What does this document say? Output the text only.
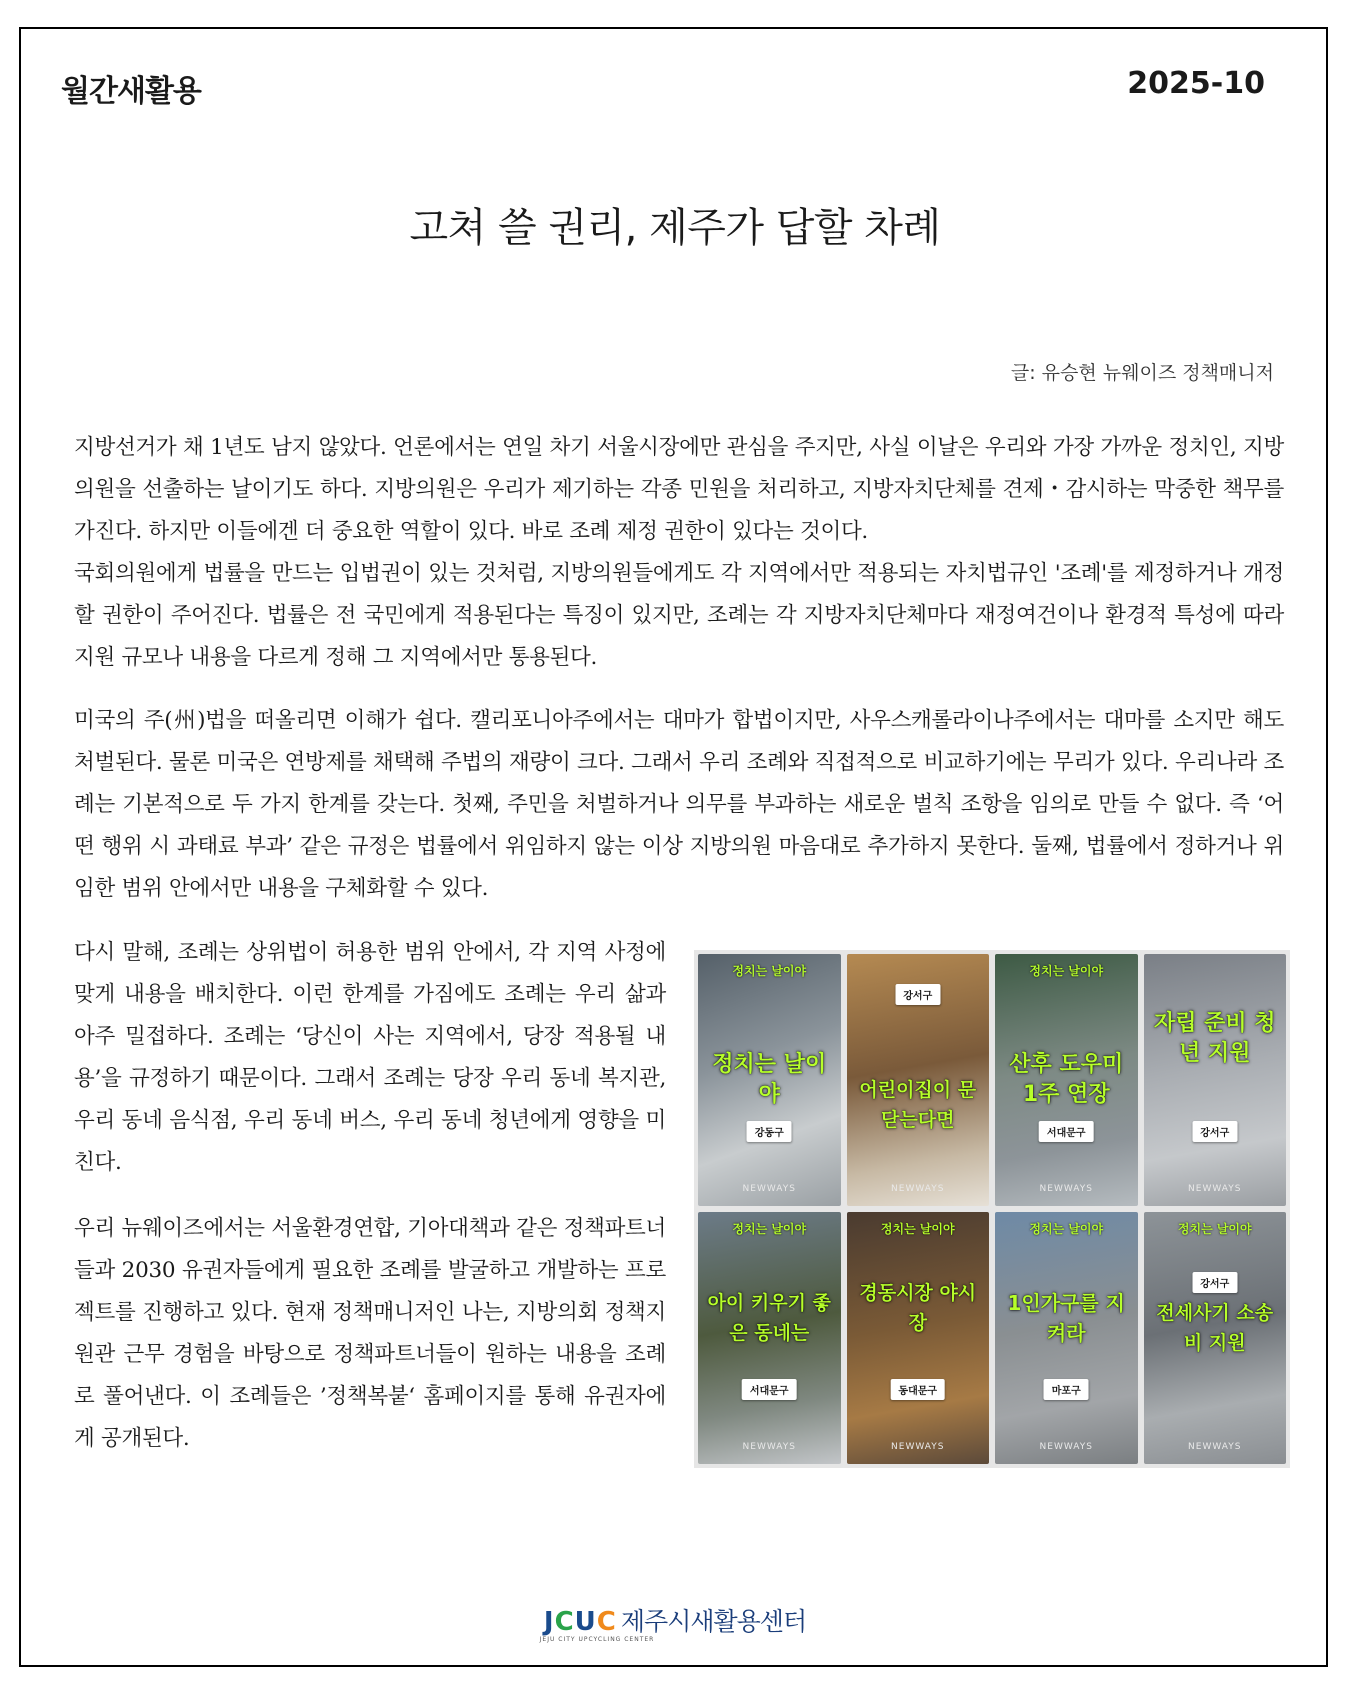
월간새활용	2025-10
고쳐 쓸 권리, 제주가 답할 차례
글: 유승현 뉴웨이즈 정책매니저

지방선거가 채 1년도 남지 않았다. 언론에서는 연일 차기 서울시장에만 관심을 주지만, 사실 이날은 우리와 가장 가까운 정치인, 지방의원을 선출하는 날이기도 하다. 지방의원은 우리가 제기하는 각종 민원을 처리하고, 지방자치단체를 견제・감시하는 막중한 책무를 가진다. 하지만 이들에겐 더 중요한 역할이 있다. 바로 조례 제정 권한이 있다는 것이다.

국회의원에게 법률을 만드는 입법권이 있는 것처럼, 지방의원들에게도 각 지역에서만 적용되는 자치법규인 '조례'를 제정하거나 개정할 권한이 주어진다. 법률은 전 국민에게 적용된다는 특징이 있지만, 조례는 각 지방자치단체마다 재정여건이나 환경적 특성에 따라 지원 규모나 내용을 다르게 정해 그 지역에서만 통용된다.

미국의 주(州)법을 떠올리면 이해가 쉽다. 캘리포니아주에서는 대마가 합법이지만, 사우스캐롤라이나주에서는 대마를 소지만 해도 처벌된다. 물론 미국은 연방제를 채택해 주법의 재량이 크다. 그래서 우리 조례와 직접적으로 비교하기에는 무리가 있다. 우리나라 조례는 기본적으로 두 가지 한계를 갖는다. 첫째, 주민을 처벌하거나 의무를 부과하는 새로운 벌칙 조항을 임의로 만들 수 없다. 즉 ‘어떤 행위 시 과태료 부과’ 같은 규정은 법률에서 위임하지 않는 이상 지방의원 마음대로 추가하지 못한다. 둘째, 법률에서 정하거나 위임한 범위 안에서만 내용을 구체화할 수 있다.

다시 말해, 조례는 상위법이 허용한 범위 안에서, 각 지역 사정에 맞게 내용을 배치한다. 이런 한계를 가짐에도 조례는 우리 삶과 아주 밀접하다. 조례는 ‘당신이 사는 지역에서, 당장 적용될 내용’을 규정하기 때문이다. 그래서 조례는 당장 우리 동네 복지관, 우리 동네 음식점, 우리 동네 버스, 우리 동네 청년에게 영향을 미친다.

우리 뉴웨이즈에서는 서울환경연합, 기아대책과 같은 정책파트너들과 2030 유권자들에게 필요한 조례를 발굴하고 개발하는 프로젝트를 진행하고 있다. 현재 정책매니저인 나는, 지방의회 정책지원관 근무 경험을 바탕으로 정책파트너들이 원하는 내용을 조례로 풀어낸다. 이 조례들은 ’정책복붙‘ 홈페이지를 통해 유권자에게 공개된다.

정치는 날이야
정치는 날이야
강동구
NEWWAYS
강서구
어린이집이 문 닫는다면
NEWWAYS
정치는 날이야
산후 도우미 1주 연장
서대문구
NEWWAYS
자립 준비 청년 지원
강서구
NEWWAYS
정치는 날이야
아이 키우기 좋은 동네는
서대문구
NEWWAYS
정치는 날이야
경동시장 야시장
동대문구
NEWWAYS
정치는 날이야
1인가구를 지켜라
마포구
NEWWAYS
정치는 날이야
강서구
전세사기 소송비 지원
NEWWAYS
JCUC 제주시새활용센터
JEJU CITY UPCYCLING CENTER
